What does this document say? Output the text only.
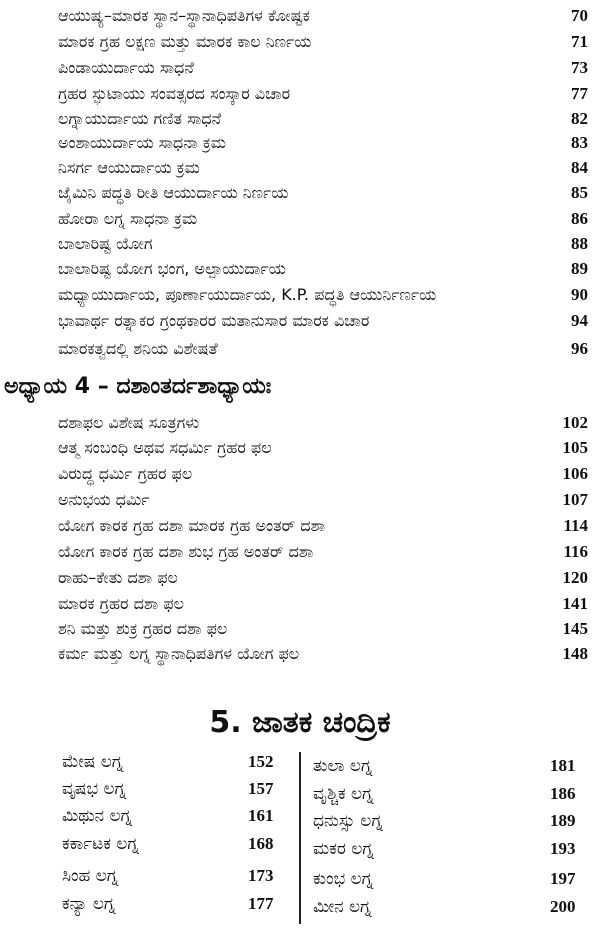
ಆಯುಷ್ಯ–ಮಾರಕ ಸ್ಥಾನ–ಸ್ಥಾನಾಧಿಪತಿಗಳ ಕೋಷ್ಟಕ	70
ಮಾರಕ ಗ್ರಹ ಲಕ್ಷಣ ಮತ್ತು ಮಾರಕ ಕಾಲ ನಿರ್ಣಯ	71
ಪಿಂಡಾಯುರ್ದಾಯ ಸಾಧನೆ	73
ಗ್ರಹರ ಸ್ಫುಟಾಯು ಸಂವತ್ಸರದ ಸಂಸ್ಕಾರ ವಿಚಾರ	77
ಲಗ್ನಾಯುರ್ದಾಯ ಗಣಿತ ಸಾಧನೆ	82
ಅಂಶಾಯುರ್ದಾಯ ಸಾಧನಾ ಕ್ರಮ	83
ನಿಸರ್ಗ ಆಯುರ್ದಾಯ ಕ್ರಮ	84
ಜೈಮಿನಿ ಪದ್ಧತಿ ರೀತಿ ಆಯುರ್ದಾಯ ನಿರ್ಣಯ	85
ಹೋರಾ ಲಗ್ನ ಸಾಧನಾ ಕ್ರಮ	86
ಬಾಲಾರಿಷ್ಟ ಯೋಗ	88
ಬಾಲಾರಿಷ್ಟ ಯೋಗ ಭಂಗ, ಅಲ್ಪಾಯುರ್ದಾಯ	89
ಮಧ್ಯಾಯುರ್ದಾಯ, ಪೂರ್ಣಾಯುರ್ದಾಯ, K.P. ಪದ್ಧತಿ ಆಯುರ್ನಿರ್ಣಯ	90
ಭಾವಾರ್ಥ ರತ್ನಾಕರ ಗ್ರಂಥಕಾರರ ಮತಾನುಸಾರ ಮಾರಕ ವಿಚಾರ	94
ಮಾರಕತ್ವದಲ್ಲಿ ಶನಿಯ ವಿಶೇಷತೆ	96
ಅಧ್ಯಾಯ 4 – ದಶಾಂತರ್ದಶಾಧ್ಯಾಯಃ
ದಶಾಫಲ ವಿಶೇಷ ಸೂತ್ರಗಳು	102
ಆತ್ಮ ಸಂಬಂಧಿ ಅಥವ ಸಧರ್ಮಿ ಗ್ರಹರ ಫಲ	105
ವಿರುದ್ಧ ಧರ್ಮಿ ಗ್ರಹರ ಫಲ	106
ಅನುಭಯ ಧರ್ಮಿ	107
ಯೋಗ ಕಾರಕ ಗ್ರಹ ದಶಾ ಮಾರಕ ಗ್ರಹ ಅಂತರ್ ದಶಾ	114
ಯೋಗ ಕಾರಕ ಗ್ರಹ ದಶಾ ಶುಭ ಗ್ರಹ ಅಂತರ್ ದಶಾ	116
ರಾಹು–ಕೇತು ದಶಾ ಫಲ	120
ಮಾರಕ ಗ್ರಹರ ದಶಾ ಫಲ	141
ಶನಿ ಮತ್ತು ಶುಕ್ರ ಗ್ರಹರ ದಶಾ ಫಲ	145
ಕರ್ಮ ಮತ್ತು ಲಗ್ನ ಸ್ಥಾನಾಧಿಪತಿಗಳ ಯೋಗ ಫಲ	148
5. ಜಾತಕ ಚಂದ್ರಿಕ
ಮೇಷ ಲಗ್ನ	152
ವೃಷಭ ಲಗ್ನ	157
ಮಿಥುನ ಲಗ್ನ	161
ಕರ್ಕಾಟಕ ಲಗ್ನ	168
ಸಿಂಹ ಲಗ್ನ	173
ಕನ್ಯಾ ಲಗ್ನ	177
ತುಲಾ ಲಗ್ನ	181
ವೃಶ್ಚಿಕ ಲಗ್ನ	186
ಧನುಸ್ಸು ಲಗ್ನ	189
ಮಕರ ಲಗ್ನ	193
ಕುಂಭ ಲಗ್ನ	197
ಮೀನ ಲಗ್ನ	200
